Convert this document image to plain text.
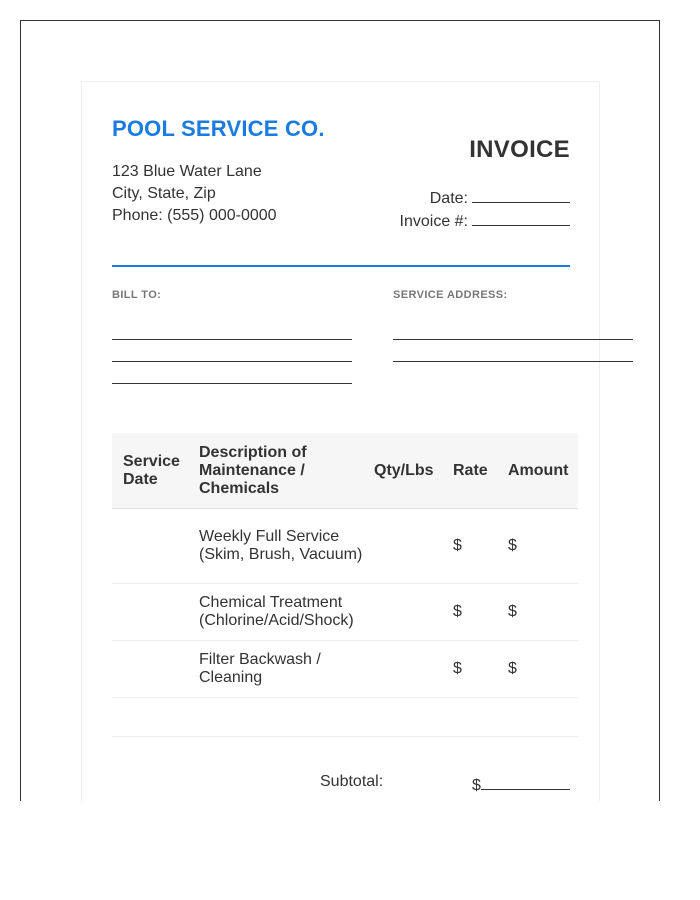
POOL SERVICE CO.
123 Blue Water Lane
City, State, Zip
Phone: (555) 000-0000
INVOICE
Date:
Invoice #:
BILL TO:	SERVICE ADDRESS:
Service Date	Description of Maintenance / Chemicals	Qty/Lbs	Rate	Amount
	Weekly Full Service (Skim, Brush, Vacuum)		$	$
	Chemical Treatment (Chlorine/Acid/Shock)		$	$
	Filter Backwash / Cleaning		$	$

Subtotal:	$
